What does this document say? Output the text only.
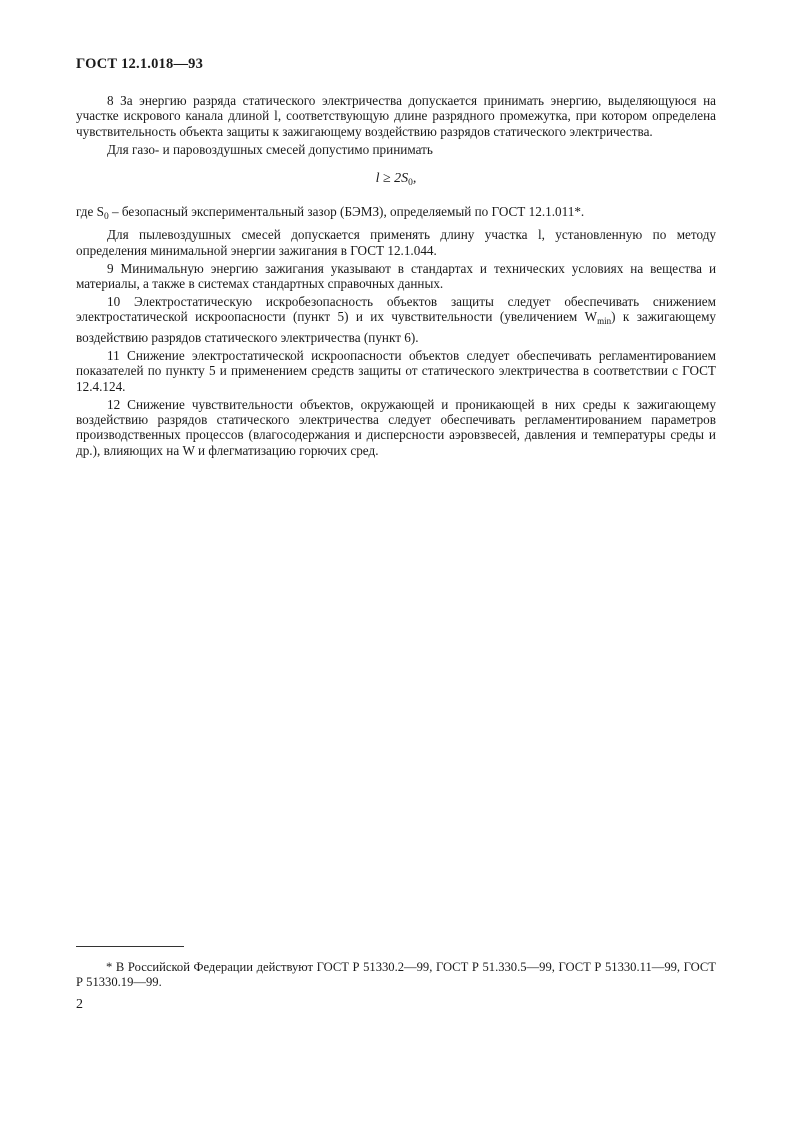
ГОСТ 12.1.018—93

8 За энергию разряда статического электричества допускается принимать энергию, выделяющуюся на участке искрового канала длиной l, соответствующую длине разрядного промежутка, при котором определена чувствительность объекта защиты к зажигающему воздействию разрядов статического электричества.

Для газо- и паровоздушных смесей допустимо принимать

$l \ge 2S_0$,

где $S_0$ – безопасный экспериментальный зазор (БЭМЗ), определяемый по ГОСТ 12.1.011*.

Для пылевоздушных смесей допускается применять длину участка l, установленную по методу определения минимальной энергии зажигания в ГОСТ 12.1.044.

9 Минимальную энергию зажигания указывают в стандартах и технических условиях на вещества и материалы, а также в системах стандартных справочных данных.

10 Электростатическую искробезопасность объектов защиты следует обеспечивать снижением электростатической искроопасности (пункт 5) и их чувствительности (увеличением $W_{min}$) к зажигающему воздействию разрядов статического электричества (пункт 6).

11 Снижение электростатической искроопасности объектов следует обеспечивать регламентированием показателей по пункту 5 и применением средств защиты от статического электричества в соответствии с ГОСТ 12.4.124.

12 Снижение чувствительности объектов, окружающей и проникающей в них среды к зажигающему воздействию разрядов статического электричества следует обеспечивать регламентированием параметров производственных процессов (влагосодержания и дисперсности аэровзвесей, давления и температуры среды и др.), влияющих на W и флегматизацию горючих сред.

* В Российской Федерации действуют ГОСТ Р 51330.2—99, ГОСТ Р 51.330.5—99, ГОСТ Р 51330.11—99, ГОСТ Р 51330.19—99.
2
